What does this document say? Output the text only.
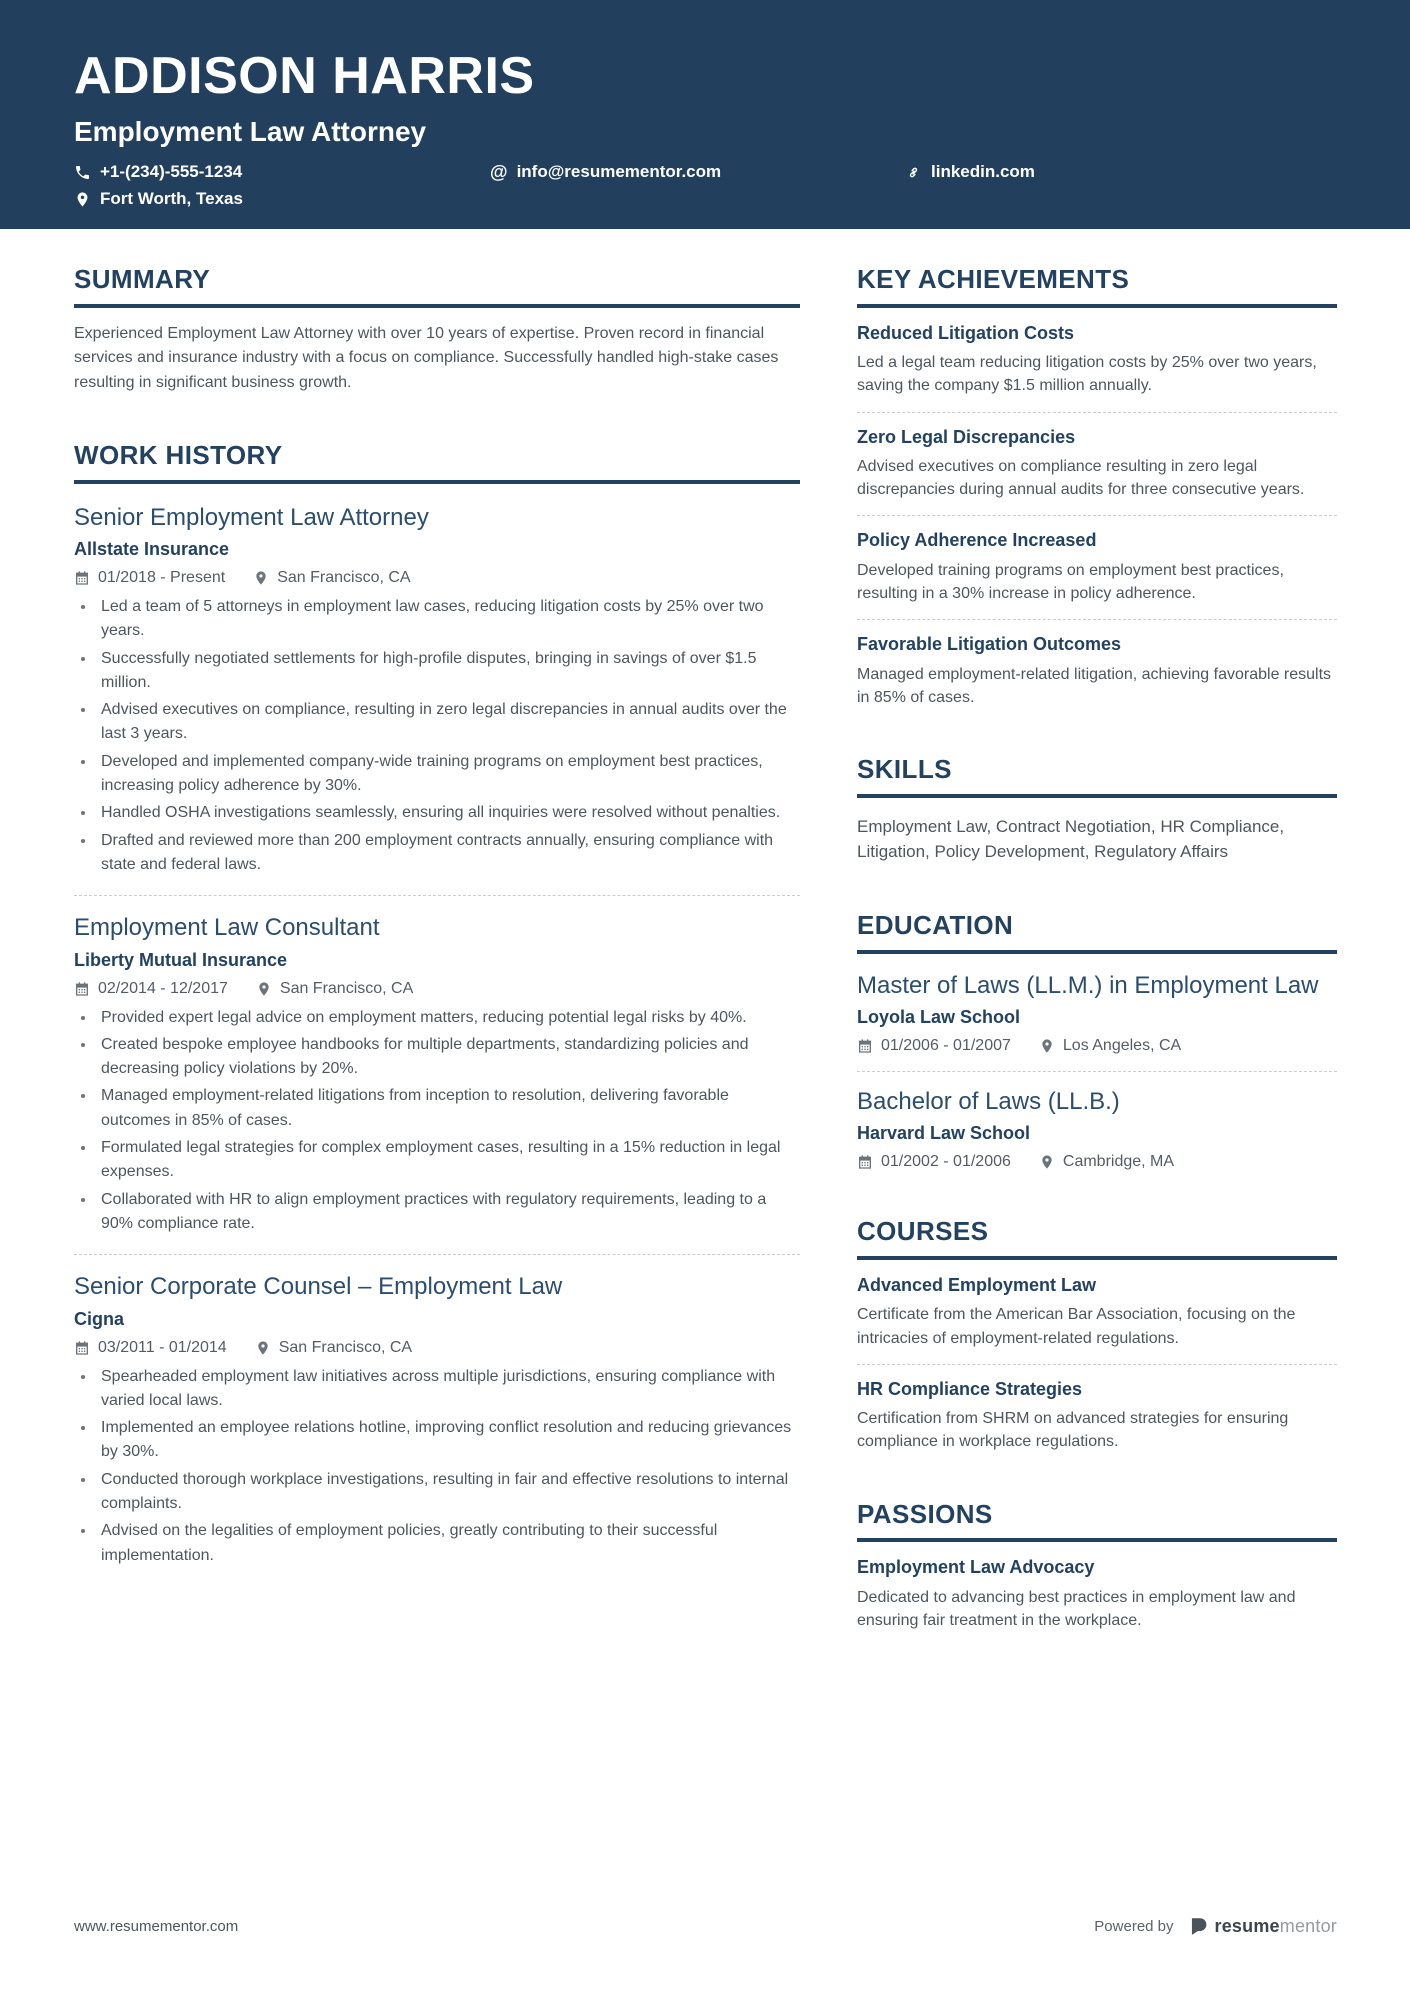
ADDISON HARRIS
Employment Law Attorney
+1-(234)-555-1234	@ info@resumementor.com	linkedin.com
Fort Worth, Texas
SUMMARY

Experienced Employment Law Attorney with over 10 years of expertise. Proven record in financial services and insurance industry with a focus on compliance. Successfully handled high-stake cases resulting in significant business growth.

WORK HISTORY
Senior Employment Law Attorney
Allstate Insurance
01/2018 - Present	San Francisco, CA
Led a team of 5 attorneys in employment law cases, reducing litigation costs by 25% over two years.
Successfully negotiated settlements for high-profile disputes, bringing in savings of over $1.5 million.
Advised executives on compliance, resulting in zero legal discrepancies in annual audits over the last 3 years.
Developed and implemented company-wide training programs on employment best practices, increasing policy adherence by 30%.
Handled OSHA investigations seamlessly, ensuring all inquiries were resolved without penalties.
Drafted and reviewed more than 200 employment contracts annually, ensuring compliance with state and federal laws.
Employment Law Consultant
Liberty Mutual Insurance
02/2014 - 12/2017	San Francisco, CA
Provided expert legal advice on employment matters, reducing potential legal risks by 40%.
Created bespoke employee handbooks for multiple departments, standardizing policies and decreasing policy violations by 20%.
Managed employment-related litigations from inception to resolution, delivering favorable outcomes in 85% of cases.
Formulated legal strategies for complex employment cases, resulting in a 15% reduction in legal expenses.
Collaborated with HR to align employment practices with regulatory requirements, leading to a 90% compliance rate.
Senior Corporate Counsel – Employment Law
Cigna
03/2011 - 01/2014	San Francisco, CA
Spearheaded employment law initiatives across multiple jurisdictions, ensuring compliance with varied local laws.
Implemented an employee relations hotline, improving conflict resolution and reducing grievances by 30%.
Conducted thorough workplace investigations, resulting in fair and effective resolutions to internal complaints.
Advised on the legalities of employment policies, greatly contributing to their successful implementation.
KEY ACHIEVEMENTS
Reduced Litigation Costs

Led a legal team reducing litigation costs by 25% over two years, saving the company $1.5 million annually.

Zero Legal Discrepancies

Advised executives on compliance resulting in zero legal discrepancies during annual audits for three consecutive years.

Policy Adherence Increased

Developed training programs on employment best practices, resulting in a 30% increase in policy adherence.

Favorable Litigation Outcomes

Managed employment-related litigation, achieving favorable results in 85% of cases.

SKILLS

Employment Law, Contract Negotiation, HR Compliance, Litigation, Policy Development, Regulatory Affairs

EDUCATION
Master of Laws (LL.M.) in Employment Law
Loyola Law School
01/2006 - 01/2007	Los Angeles, CA
Bachelor of Laws (LL.B.)
Harvard Law School
01/2002 - 01/2006	Cambridge, MA
COURSES
Advanced Employment Law

Certificate from the American Bar Association, focusing on the intricacies of employment-related regulations.

HR Compliance Strategies

Certification from SHRM on advanced strategies for ensuring compliance in workplace regulations.

PASSIONS
Employment Law Advocacy

Dedicated to advancing best practices in employment law and ensuring fair treatment in the workplace.

www.resumementor.com	Powered by resumementor
